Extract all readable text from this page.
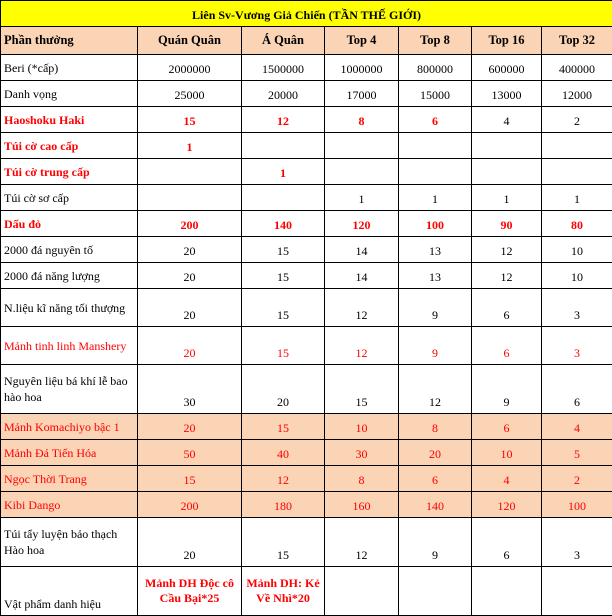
Liên Sv-Vương Giả Chiến (TẦN THẾ GIỚI)						
Phần thưởng	Quán Quân	Á Quân	Top 4	Top 8	Top 16	Top 32
Beri (*cấp)	2000000	1500000	1000000	800000	600000	400000
Danh vọng	25000	20000	17000	15000	13000	12000
Haoshoku Haki	15	12	8	6	4	2
Túi cờ cao cấp	1					
Túi cờ trung cấp		1				
Túi cờ sơ cấp			1	1	1	1
Dấu đỏ	200	140	120	100	90	80
2000 đá nguyên tố	20	15	14	13	12	10
2000 đá năng lượng	20	15	14	13	12	10
N.liệu kĩ năng tối thượng	20	15	12	9	6	3
Mảnh tinh linh Manshery	20	15	12	9	6	3
Nguyên liệu bá khí lễ bao hào hoa	30	20	15	12	9	6
Mảnh Komachiyo bậc 1	20	15	10	8	6	4
Mảnh Đá Tiến Hóa	50	40	30	20	10	5
Ngọc Thời Trang	15	12	8	6	4	2
Kibi Dango	200	180	160	140	120	100
Túi tẩy luyện bảo thạch Hào hoa	20	15	12	9	6	3
Vật phẩm danh hiệu	Mảnh DH Độc cô Cầu Bại*25	Mảnh DH: Kẻ Về Nhì*20				
